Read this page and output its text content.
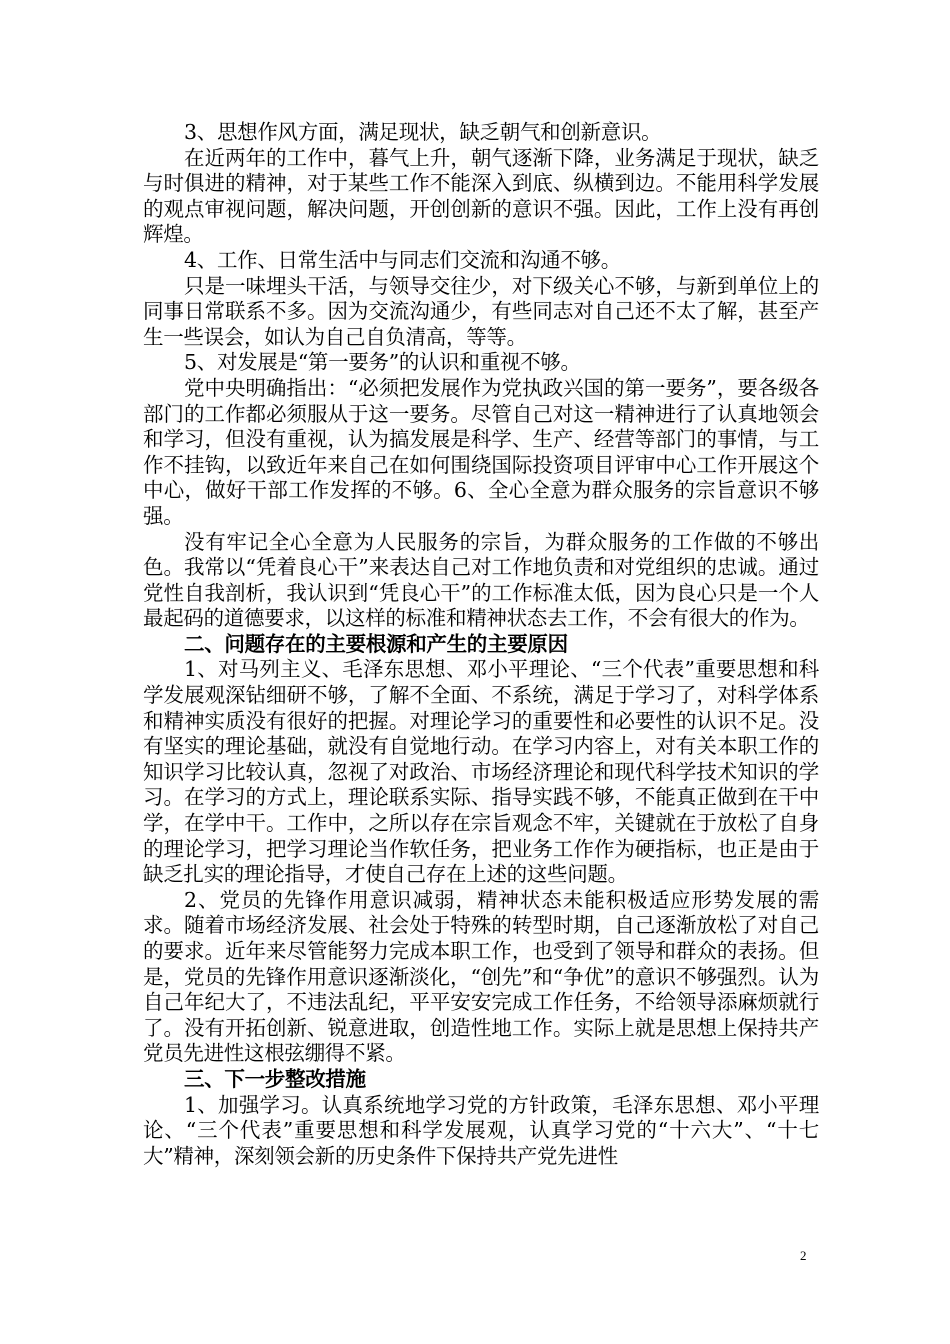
3、思想作风方面，满足现状，缺乏朝气和创新意识。

在近两年的工作中，暮气上升，朝气逐渐下降，业务满足于现状，缺乏与时俱进的精神，对于某些工作不能深入到底、纵横到边。不能用科学发展的观点审视问题，解决问题，开创创新的意识不强。因此，工作上没有再创辉煌。

4、工作、日常生活中与同志们交流和沟通不够。

只是一味埋头干活，与领导交往少，对下级关心不够，与新到单位上的同事日常联系不多。因为交流沟通少，有些同志对自己还不太了解，甚至产生一些误会，如认为自己自负清高，等等。

5、对发展是“第一要务”的认识和重视不够。

党中央明确指出：“必须把发展作为党执政兴国的第一要务”，要各级各部门的工作都必须服从于这一要务。尽管自己对这一精神进行了认真地领会和学习，但没有重视，认为搞发展是科学、生产、经营等部门的事情，与工作不挂钩，以致近年来自己在如何围绕国际投资项目评审中心工作开展这个中心，做好干部工作发挥的不够。6、全心全意为群众服务的宗旨意识不够强。

没有牢记全心全意为人民服务的宗旨，为群众服务的工作做的不够出色。我常以“凭着良心干”来表达自己对工作地负责和对党组织的忠诚。通过党性自我剖析，我认识到“凭良心干”的工作标准太低，因为良心只是一个人最起码的道德要求，以这样的标准和精神状态去工作，不会有很大的作为。

二、问题存在的主要根源和产生的主要原因

1、对马列主义、毛泽东思想、邓小平理论、“三个代表”重要思想和科学发展观深钻细研不够，了解不全面、不系统，满足于学习了，对科学体系和精神实质没有很好的把握。对理论学习的重要性和必要性的认识不足。没有坚实的理论基础，就没有自觉地行动。在学习内容上，对有关本职工作的知识学习比较认真，忽视了对政治、市场经济理论和现代科学技术知识的学习。在学习的方式上，理论联系实际、指导实践不够，不能真正做到在干中学，在学中干。工作中，之所以存在宗旨观念不牢，关键就在于放松了自身的理论学习，把学习理论当作软任务，把业务工作作为硬指标，也正是由于缺乏扎实的理论指导，才使自己存在上述的这些问题。

2、党员的先锋作用意识减弱，精神状态未能积极适应形势发展的需求。随着市场经济发展、社会处于特殊的转型时期，自己逐渐放松了对自己的要求。近年来尽管能努力完成本职工作，也受到了领导和群众的表扬。但是，党员的先锋作用意识逐渐淡化，“创先”和“争优”的意识不够强烈。认为自己年纪大了，不违法乱纪，平平安安完成工作任务，不给领导添麻烦就行了。没有开拓创新、锐意进取，创造性地工作。实际上就是思想上保持共产党员先进性这根弦绷得不紧。

三、下一步整改措施

1、加强学习。认真系统地学习党的方针政策，毛泽东思想、邓小平理论、“三个代表”重要思想和科学发展观，认真学习党的“十六大”、“十七大”精神，深刻领会新的历史条件下保持共产党先进性

2
